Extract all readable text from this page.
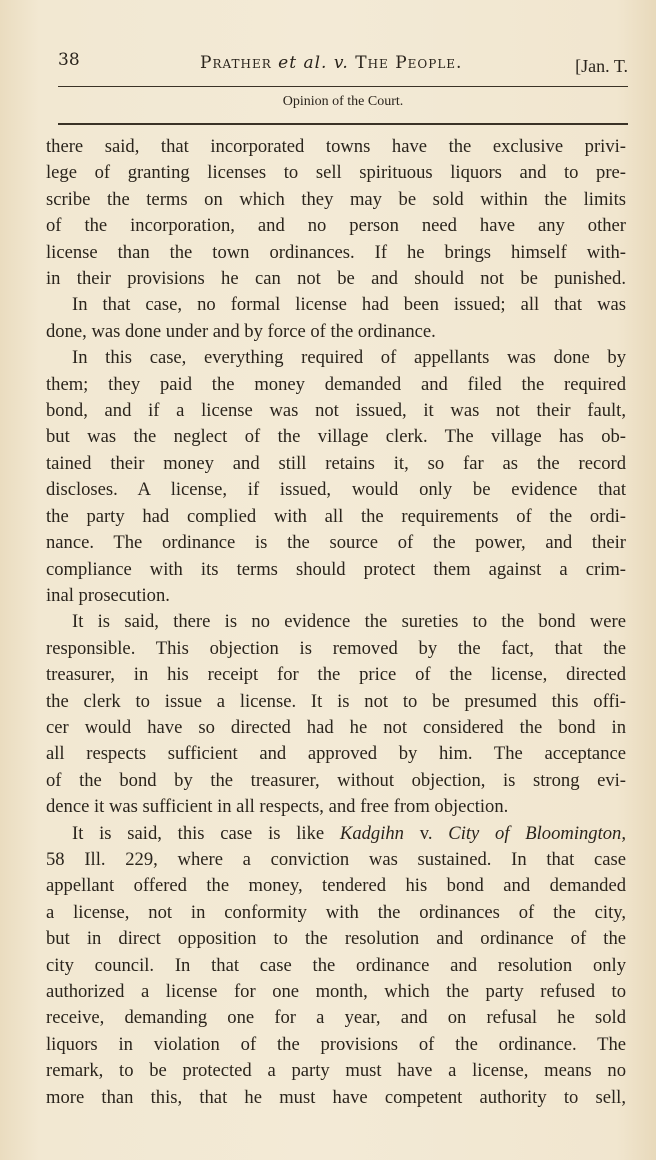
38	Prather et al. v. The People.	[Jan. T.
Opinion of the Court.
there said, that incorporated towns have the exclusive privi-
lege of granting licenses to sell spirituous liquors and to pre-
scribe the terms on which they may be sold within the limits
of the incorporation, and no person need have any other
license than the town ordinances. If he brings himself with-
in their provisions he can not be and should not be punished.
In that case, no formal license had been issued; all that was
done, was done under and by force of the ordinance.
In this case, everything required of appellants was done by
them; they paid the money demanded and filed the required
bond, and if a license was not issued, it was not their fault,
but was the neglect of the village clerk. The village has ob-
tained their money and still retains it, so far as the record
discloses. A license, if issued, would only be evidence that
the party had complied with all the requirements of the ordi-
nance. The ordinance is the source of the power, and their
compliance with its terms should protect them against a crim-
inal prosecution.
It is said, there is no evidence the sureties to the bond were
responsible. This objection is removed by the fact, that the
treasurer, in his receipt for the price of the license, directed
the clerk to issue a license. It is not to be presumed this offi-
cer would have so directed had he not considered the bond in
all respects sufficient and approved by him. The acceptance
of the bond by the treasurer, without objection, is strong evi-
dence it was sufficient in all respects, and free from objection.
It is said, this case is like Kadgihn v. City of Bloomington,
58 Ill. 229, where a conviction was sustained. In that case
appellant offered the money, tendered his bond and demanded
a license, not in conformity with the ordinances of the city,
but in direct opposition to the resolution and ordinance of the
city council. In that case the ordinance and resolution only
authorized a license for one month, which the party refused to
receive, demanding one for a year, and on refusal he sold
liquors in violation of the provisions of the ordinance. The
remark, to be protected a party must have a license, means no
more than this, that he must have competent authority to sell,
